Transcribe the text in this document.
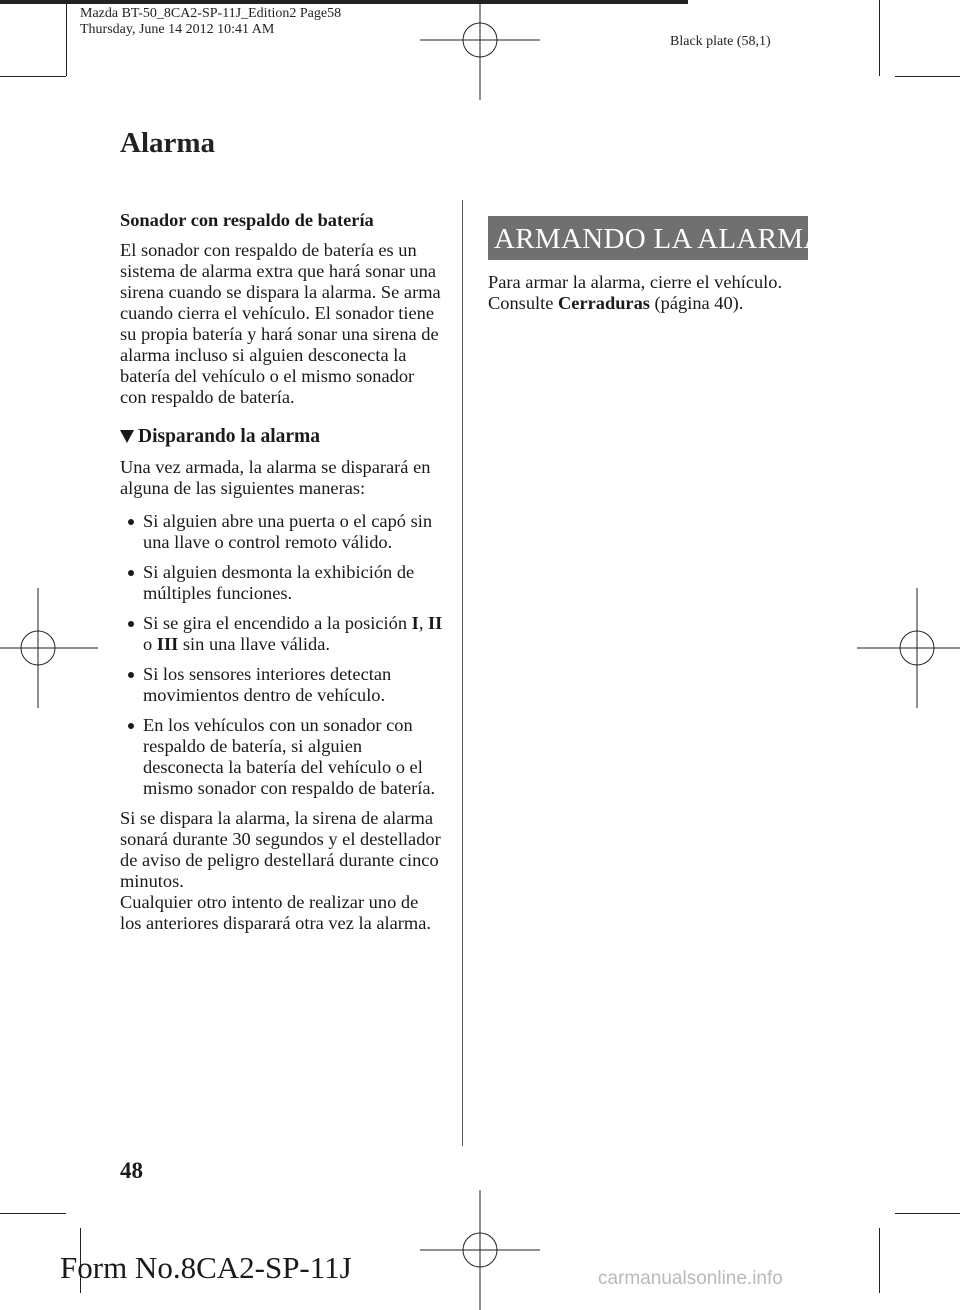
Mazda BT-50_8CA2-SP-11J_Edition2 Page58
Thursday, June 14 2012 10:41 AM
Black plate (58,1)
Alarma

Sonador con respaldo de batería

El sonador con respaldo de batería es un sistema de alarma extra que hará sonar una sirena cuando se dispara la alarma. Se arma cuando cierra el vehículo. El sonador tiene su propia batería y hará sonar una sirena de alarma incluso si alguien desconecta la batería del vehículo o el mismo sonador con respaldo de batería.

Disparando la alarma

Una vez armada, la alarma se disparará en alguna de las siguientes maneras:

Si alguien abre una puerta o el capó sin una llave o control remoto válido.
Si alguien desmonta la exhibición de múltiples funciones.
Si se gira el encendido a la posición I, II o III sin una llave válida.
Si los sensores interiores detectan movimientos dentro de vehículo.
En los vehículos con un sonador con respaldo de batería, si alguien desconecta la batería del vehículo o el mismo sonador con respaldo de batería.

Si se dispara la alarma, la sirena de alarma sonará durante 30 segundos y el destellador de aviso de peligro destellará durante cinco minutos.

Cualquier otro intento de realizar uno de los anteriores disparará otra vez la alarma.

ARMANDO LA ALARMA

Para armar la alarma, cierre el vehículo.
Consulte Cerraduras (página 40).

48
Form No.8CA2-SP-11J	carmanualsonline.info
